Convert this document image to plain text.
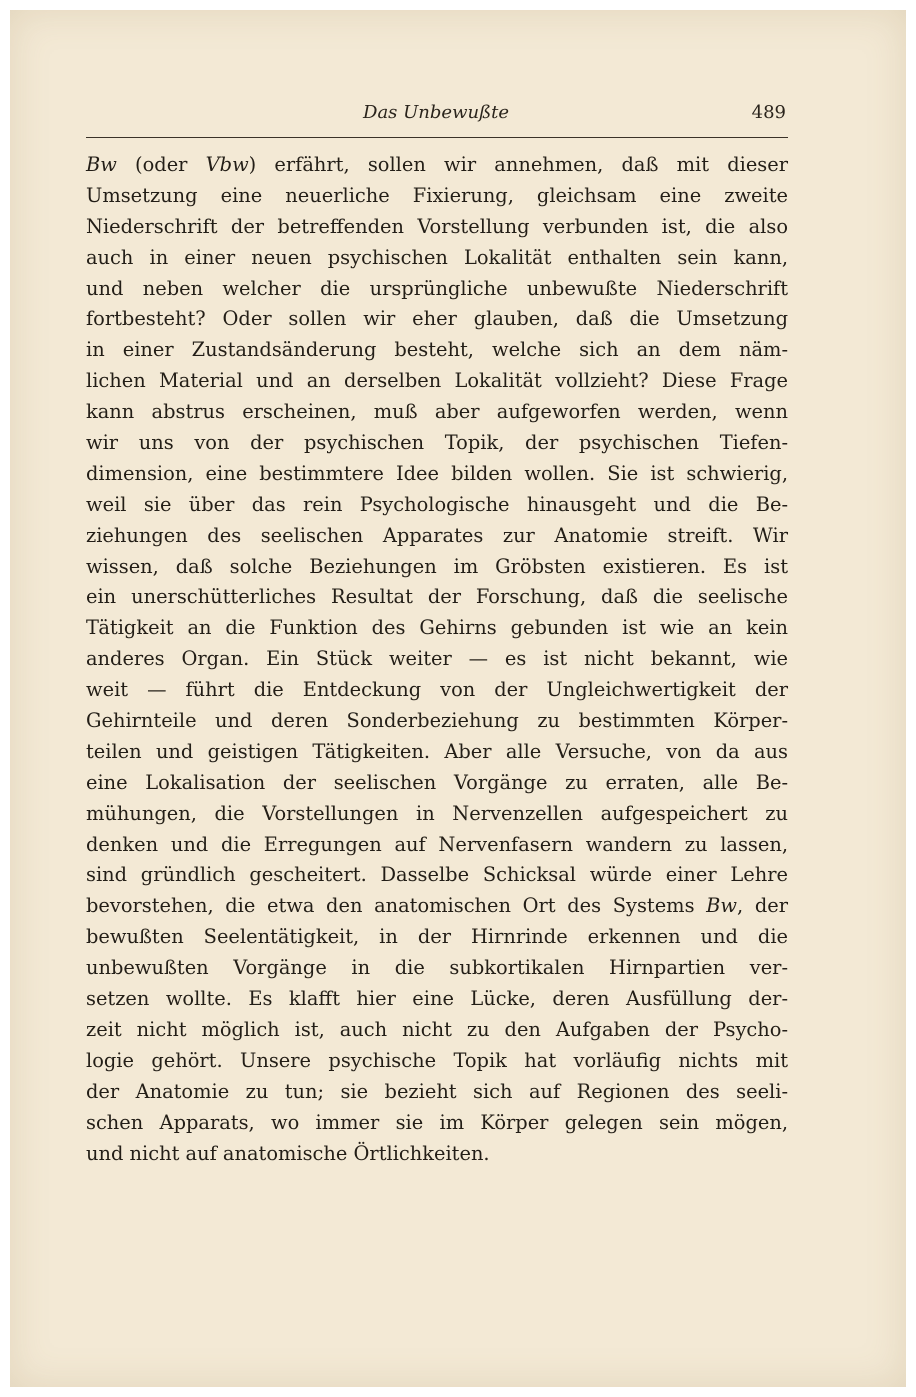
Das Unbewußte	489
Bw (oder Vbw) erfährt, sollen wir annehmen, daß mit dieser
Umsetzung eine neuerliche Fixierung, gleichsam eine zweite
Niederschrift der betreffenden Vorstellung verbunden ist, die also
auch in einer neuen psychischen Lokalität enthalten sein kann,
und neben welcher die ursprüngliche unbewußte Niederschrift
fortbesteht? Oder sollen wir eher glauben, daß die Umsetzung
in einer Zustandsänderung besteht, welche sich an dem näm-
lichen Material und an derselben Lokalität vollzieht? Diese Frage
kann abstrus erscheinen, muß aber aufgeworfen werden, wenn
wir uns von der psychischen Topik, der psychischen Tiefen-
dimension, eine bestimmtere Idee bilden wollen. Sie ist schwierig,
weil sie über das rein Psychologische hinausgeht und die Be-
ziehungen des seelischen Apparates zur Anatomie streift. Wir
wissen, daß solche Beziehungen im Gröbsten existieren. Es ist
ein unerschütterliches Resultat der Forschung, daß die seelische
Tätigkeit an die Funktion des Gehirns gebunden ist wie an kein
anderes Organ. Ein Stück weiter — es ist nicht bekannt, wie
weit — führt die Entdeckung von der Ungleichwertigkeit der
Gehirnteile und deren Sonderbeziehung zu bestimmten Körper-
teilen und geistigen Tätigkeiten. Aber alle Versuche, von da aus
eine Lokalisation der seelischen Vorgänge zu erraten, alle Be-
mühungen, die Vorstellungen in Nervenzellen aufgespeichert zu
denken und die Erregungen auf Nervenfasern wandern zu lassen,
sind gründlich gescheitert. Dasselbe Schicksal würde einer Lehre
bevorstehen, die etwa den anatomischen Ort des Systems Bw, der
bewußten Seelentätigkeit, in der Hirnrinde erkennen und die
unbewußten Vorgänge in die subkortikalen Hirnpartien ver-
setzen wollte. Es klafft hier eine Lücke, deren Ausfüllung der-
zeit nicht möglich ist, auch nicht zu den Aufgaben der Psycho-
logie gehört. Unsere psychische Topik hat vorläufig nichts mit
der Anatomie zu tun; sie bezieht sich auf Regionen des seeli-
schen Apparats, wo immer sie im Körper gelegen sein mögen,
und nicht auf anatomische Örtlichkeiten.
